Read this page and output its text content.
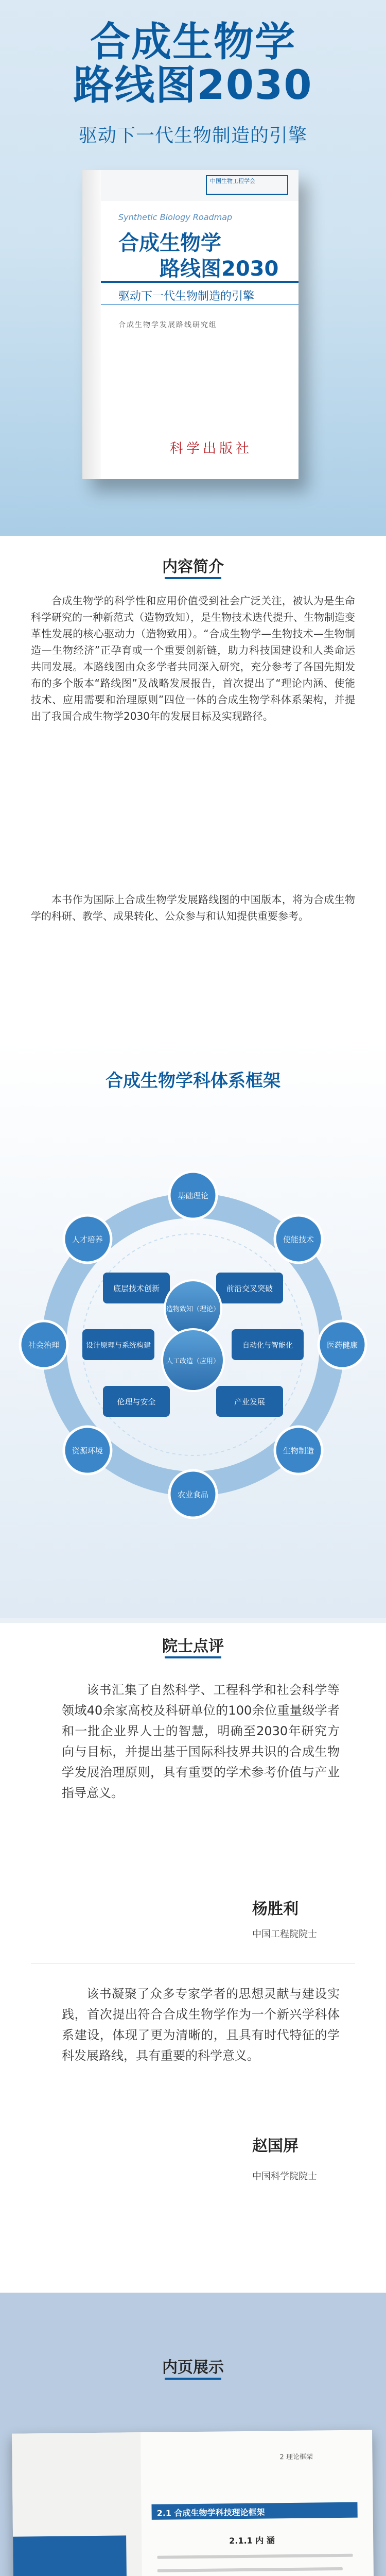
合成生物学
路线图2030
驱动下一代生物制造的引擎
中国生物工程学会
Synthetic Biology Roadmap
合成生物学
路线图2030
驱动下一代生物制造的引擎
合成生物学发展路线研究组
科学出版社
内容简介
合成生物学的科学性和应用价值受到社会广泛关注，被认为是生命科学研究的一种新范式（造物致知），是生物技术迭代提升、生物制造变革性发展的核心驱动力（造物致用）。“合成生物学—生物技术—生物制造—生物经济”正孕育或一个重要创新链，助力科技国建设和人类命运共同发展。本路线图由众多学者共同深入研究，充分参考了各国先期发布的多个版本“路线图”及战略发展报告，首次提出了“理论内涵、使能技术、应用需要和治理原则”四位一体的合成生物学科体系架构，并提出了我国合成生物学2030年的发展目标及实现路径。
本书作为国际上合成生物学发展路线图的中国版本，将为合成生物学的科研、教学、成果转化、公众参与和认知提供重要参考。
合成生物学科体系框架
基础理论
使能技术
医药健康
生物制造
农业食品
资源环境
社会治理
人才培养
底层技术创新	前沿交叉突破
设计原理与系统构建	自动化与智能化
伦理与安全	产业发展
造物致知（理论）
人工改造（应用）
院士点评
该书汇集了自然科学、工程科学和社会科学等领域40余家高校及科研单位的100余位重量级学者和一批企业界人士的智慧，明确至2030年研究方向与目标，并提出基于国际科技界共识的合成生物学发展治理原则，具有重要的学术参考价值与产业指导意义。
杨胜利
中国工程院院士
该书凝聚了众多专家学者的思想灵献与建设实践，首次提出符合合成生物学作为一个新兴学科体系建设，体现了更为清晰的，且具有时代特征的学科发展路线，具有重要的科学意义。
赵国屏
中国科学院院士
内页展示
2 理论框架
2.1 合成生物学科技理论框架
2.1.1 内 涵
